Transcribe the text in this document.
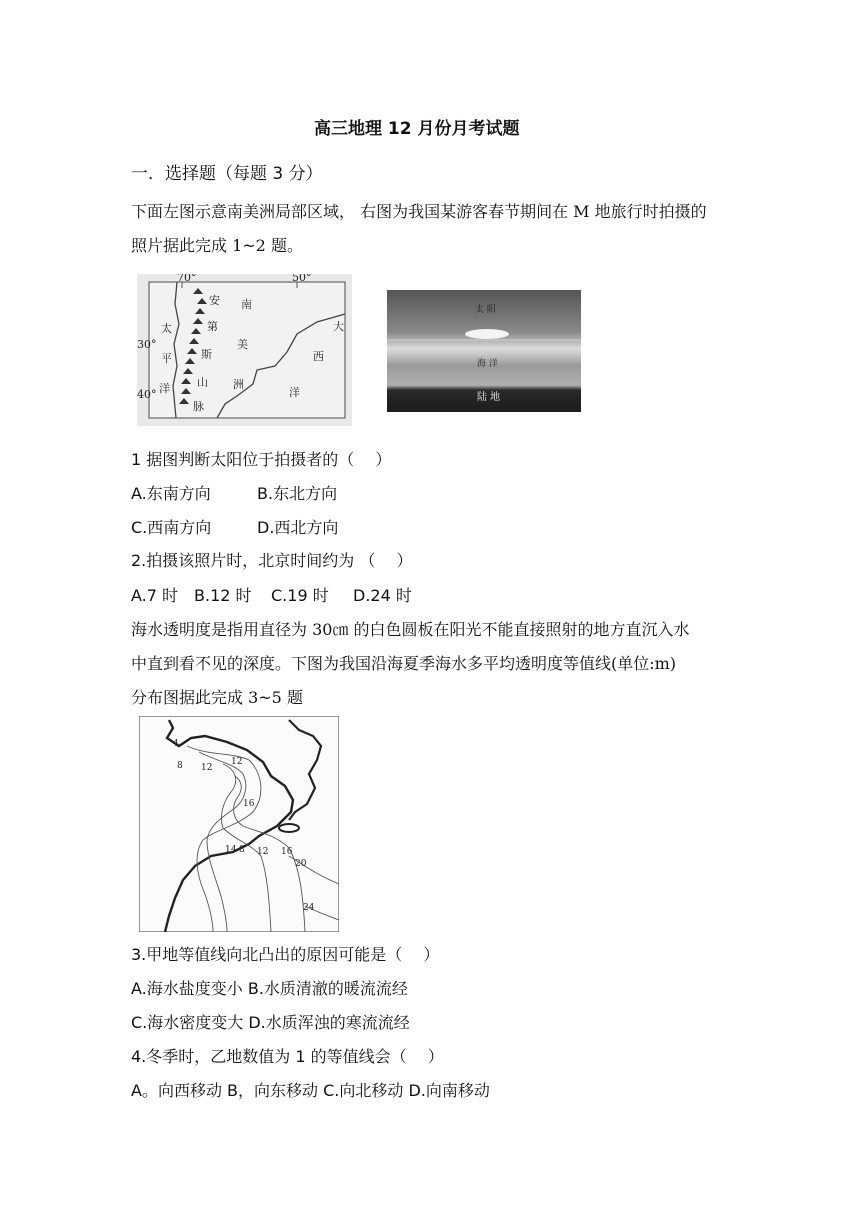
高三地理 12 月份月考试题
一．选择题（每题 3 分）
下面左图示意南美洲局部区域， 右图为我国某游客春节期间在 M 地旅行时拍摄的
照片据此完成 1~2 题。
70°	50°
30°
40°
安
第
斯
山
脉
南
美
洲
太
平
洋
大
西
洋
太 阳
海 洋
陆 地
1 据图判断太阳位于拍摄者的（　 ）
A.东南方向	B.东北方向
C.西南方向	D.西北方向
2.拍摄该照片时，北京时间约为 （　 ）
A.7 时 B.12 时 C.19 时 D.24 时
海水透明度是指用直径为 30㎝ 的白色圆板在阳光不能直接照射的地方直沉入水
中直到看不见的深度。下图为我国沿海夏季海水多平均透明度等值线(单位:m)
分布图据此完成 3~5 题
4
8 12
12
16
1 4 8 12 16
20
24
3.甲地等值线向北凸出的原因可能是（　 ）
A.海水盐度变小 B.水质清澈的暖流流经
C.海水密度变大 D.水质浑浊的寒流流经
4.冬季时，乙地数值为 1 的等值线会（　 ）
A。向西移动 B，向东移动 C.向北移动 D.向南移动
